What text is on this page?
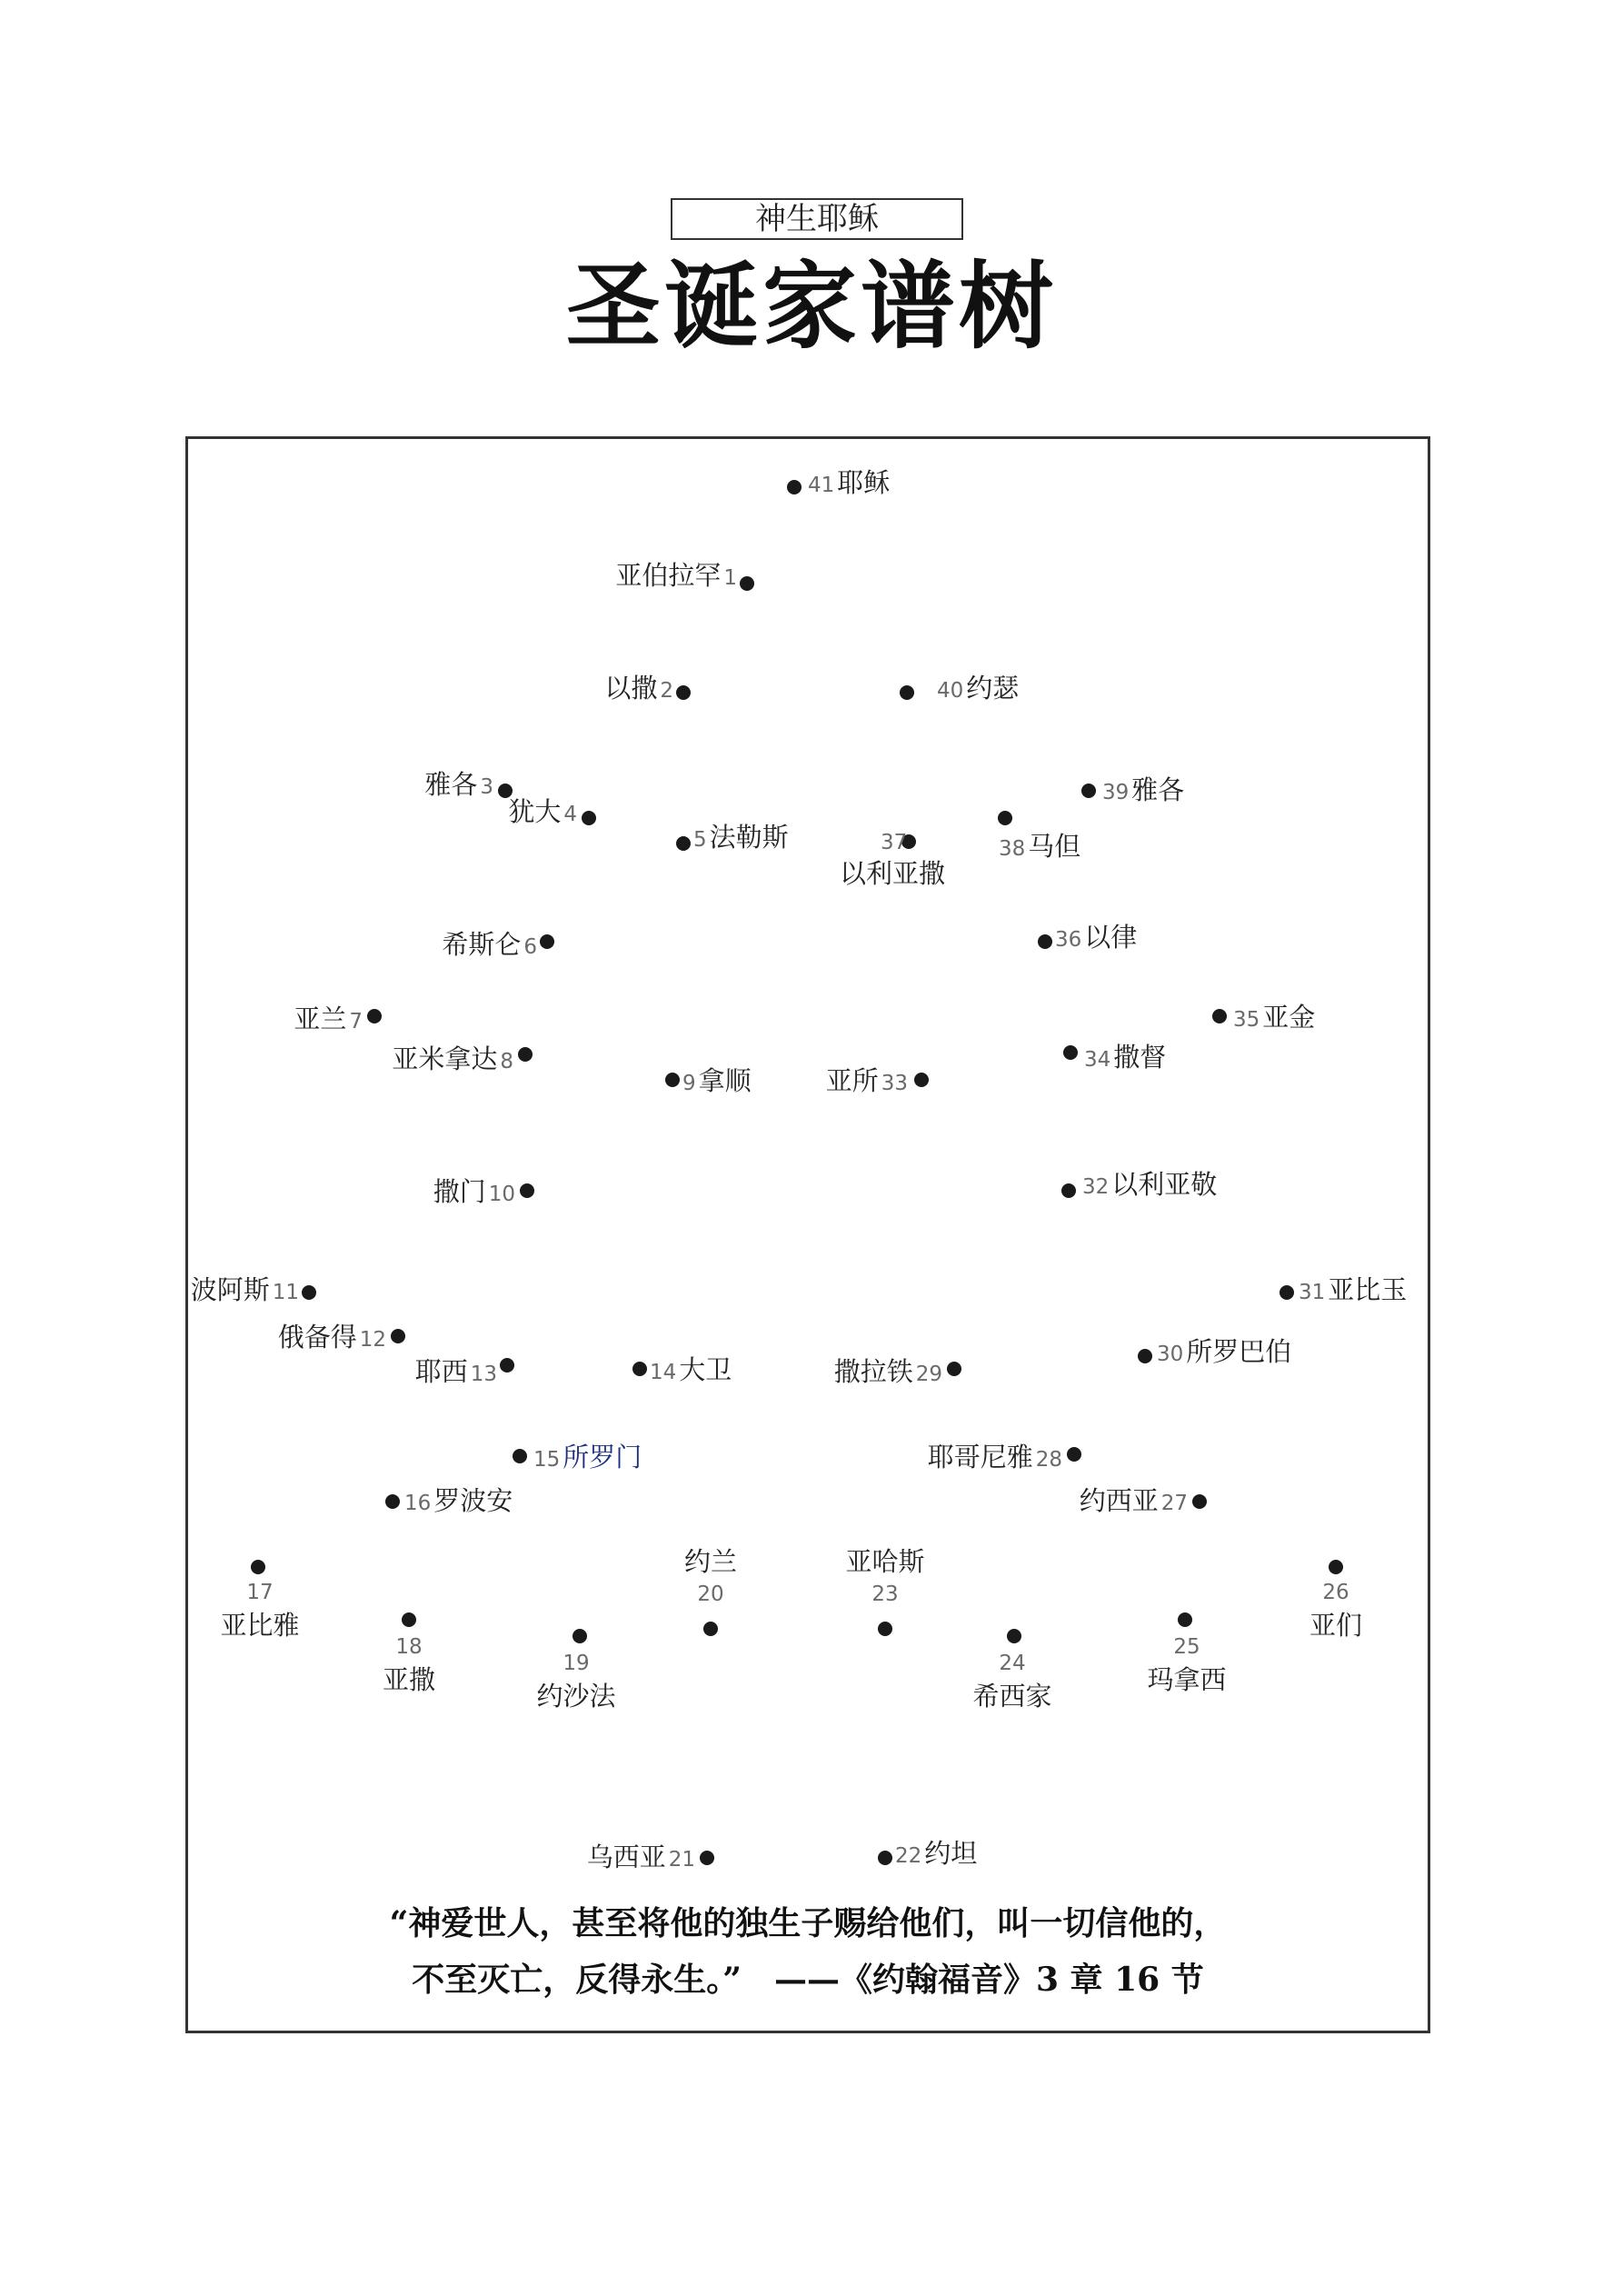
神生耶稣
圣诞家谱树
41 耶稣
亚伯拉罕 1
以撒 2
雅各 3
犹大 4
5 法勒斯
希斯仑 6
亚兰 7
亚米拿达 8
9 拿顺
撒门 10
波阿斯 11
俄备得 12
耶西 13	14 大卫
15 所罗门
16 罗波安
17
亚比雅
18
亚撒
19
约沙法
约兰
20
乌西亚 21	22 约坦
亚哈斯
23
24
希西家
25
玛拿西
26
亚们
约西亚 27
耶哥尼雅 28
撒拉铁 29
30 所罗巴伯
31 亚比玉
32 以利亚敬
亚所 33
34 撒督
35 亚金
36 以律
37
以利亚撒
38 马但
39 雅各
40 约瑟
“神爱世人，甚至将他的独生子赐给他们，叫一切信他的，
不至灭亡，反得永生。”　——《约翰福音》3 章 16 节
